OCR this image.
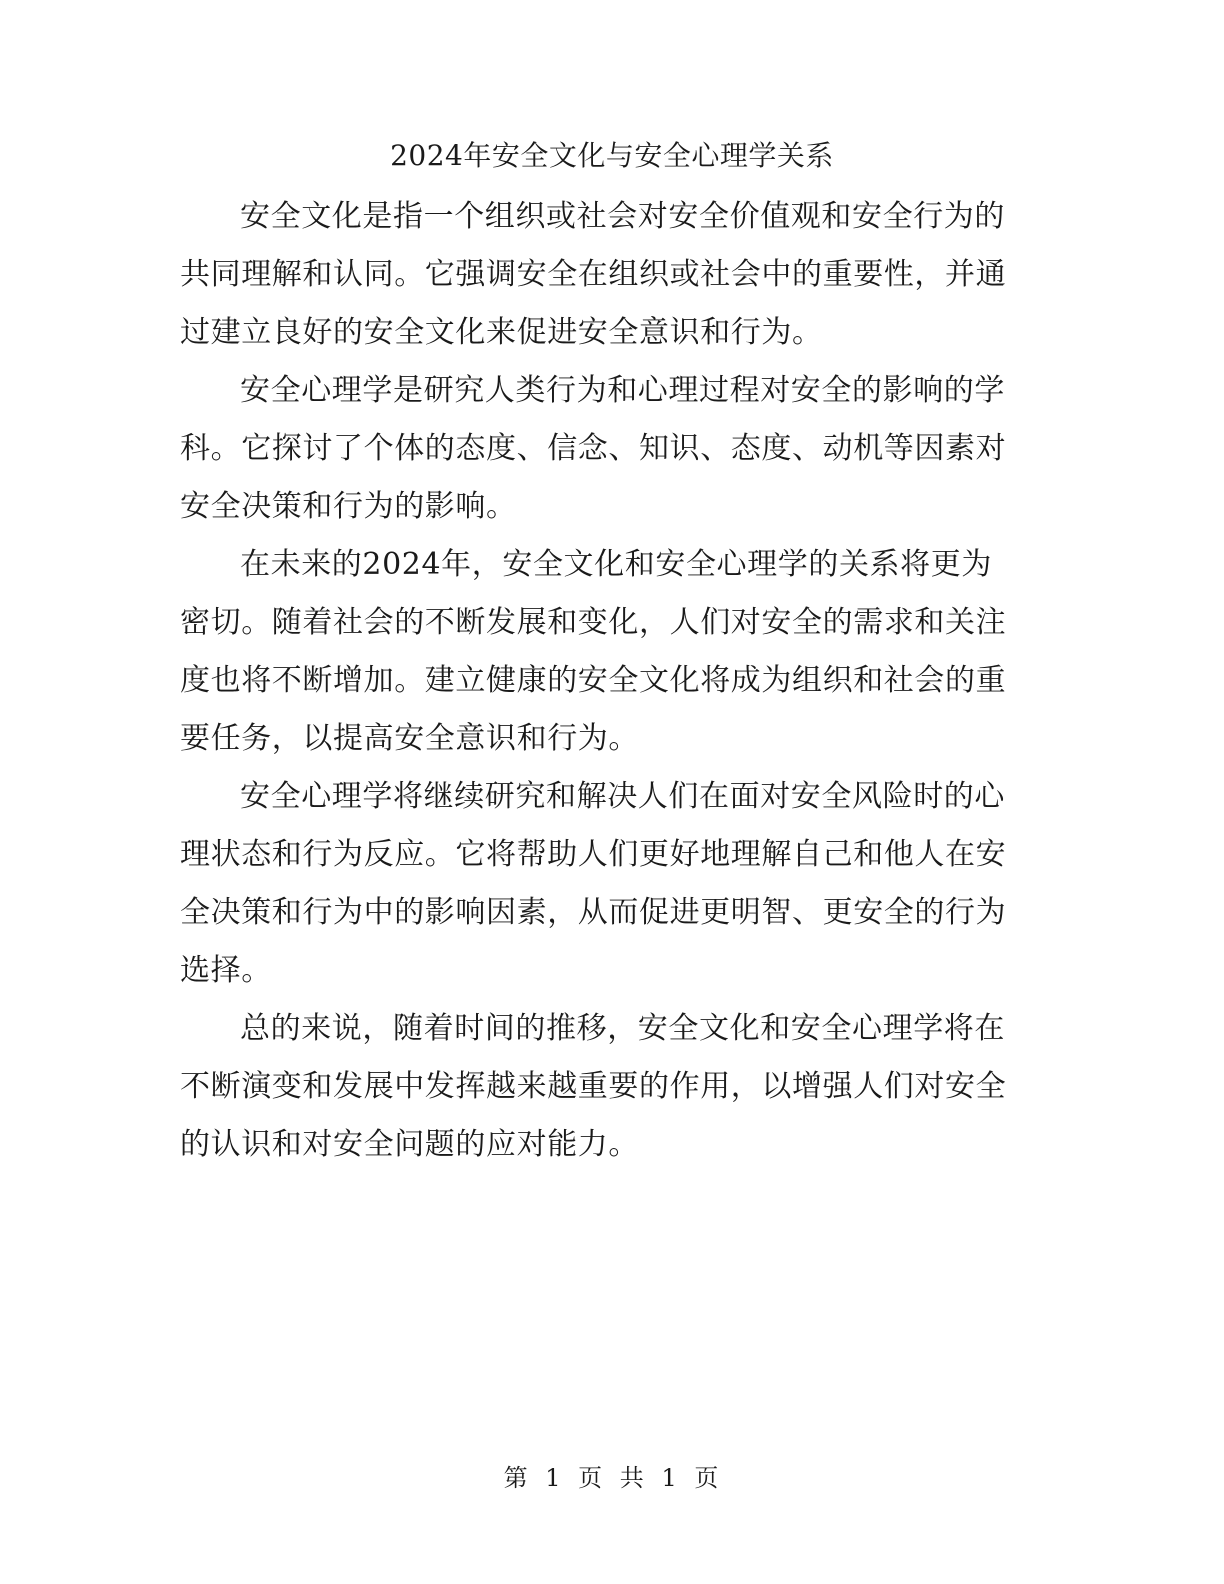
2024年安全文化与安全心理学关系

安全文化是指一个组织或社会对安全价值观和安全行为的共同理解和认同。它强调安全在组织或社会中的重要性，并通过建立良好的安全文化来促进安全意识和行为。

安全心理学是研究人类行为和心理过程对安全的影响的学科。它探讨了个体的态度、信念、知识、态度、动机等因素对安全决策和行为的影响。

在未来的2024年，安全文化和安全心理学的关系将更为密切。随着社会的不断发展和变化，人们对安全的需求和关注度也将不断增加。建立健康的安全文化将成为组织和社会的重要任务，以提高安全意识和行为。

安全心理学将继续研究和解决人们在面对安全风险时的心理状态和行为反应。它将帮助人们更好地理解自己和他人在安全决策和行为中的影响因素，从而促进更明智、更安全的行为选择。

总的来说，随着时间的推移，安全文化和安全心理学将在不断演变和发展中发挥越来越重要的作用，以增强人们对安全的认识和对安全问题的应对能力。

第 1 页 共 1 页
